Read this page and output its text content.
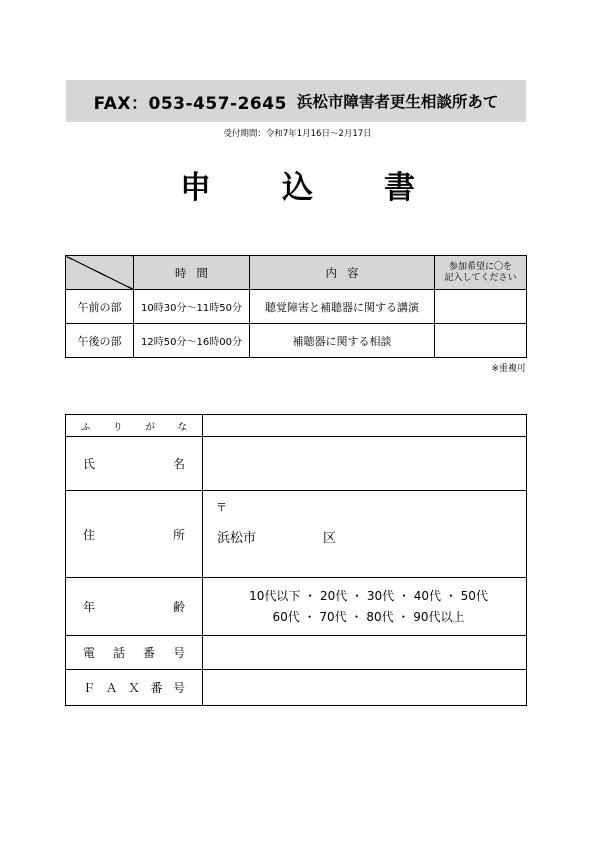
FAX：053-457-2645 浜松市障害者更生相談所あて
受付期間：令和7年1月16日～2月17日
申　込　書
	時間	内容	参加希望に〇を
記入してください
午前の部	10時30分～11時50分	聴覚障害と補聴器に関する講演	
午後の部	12時50分～16時00分	補聴器に関する相談	
※重複可
ふりがな	
氏名	
住所	〒
浜松市 区

年齢	10代以下 ・ 20代 ・ 30代 ・ 40代 ・ 50代
60代 ・ 70代 ・ 80代 ・ 90代以上

電話番号	
ＦＡＸ番号	
